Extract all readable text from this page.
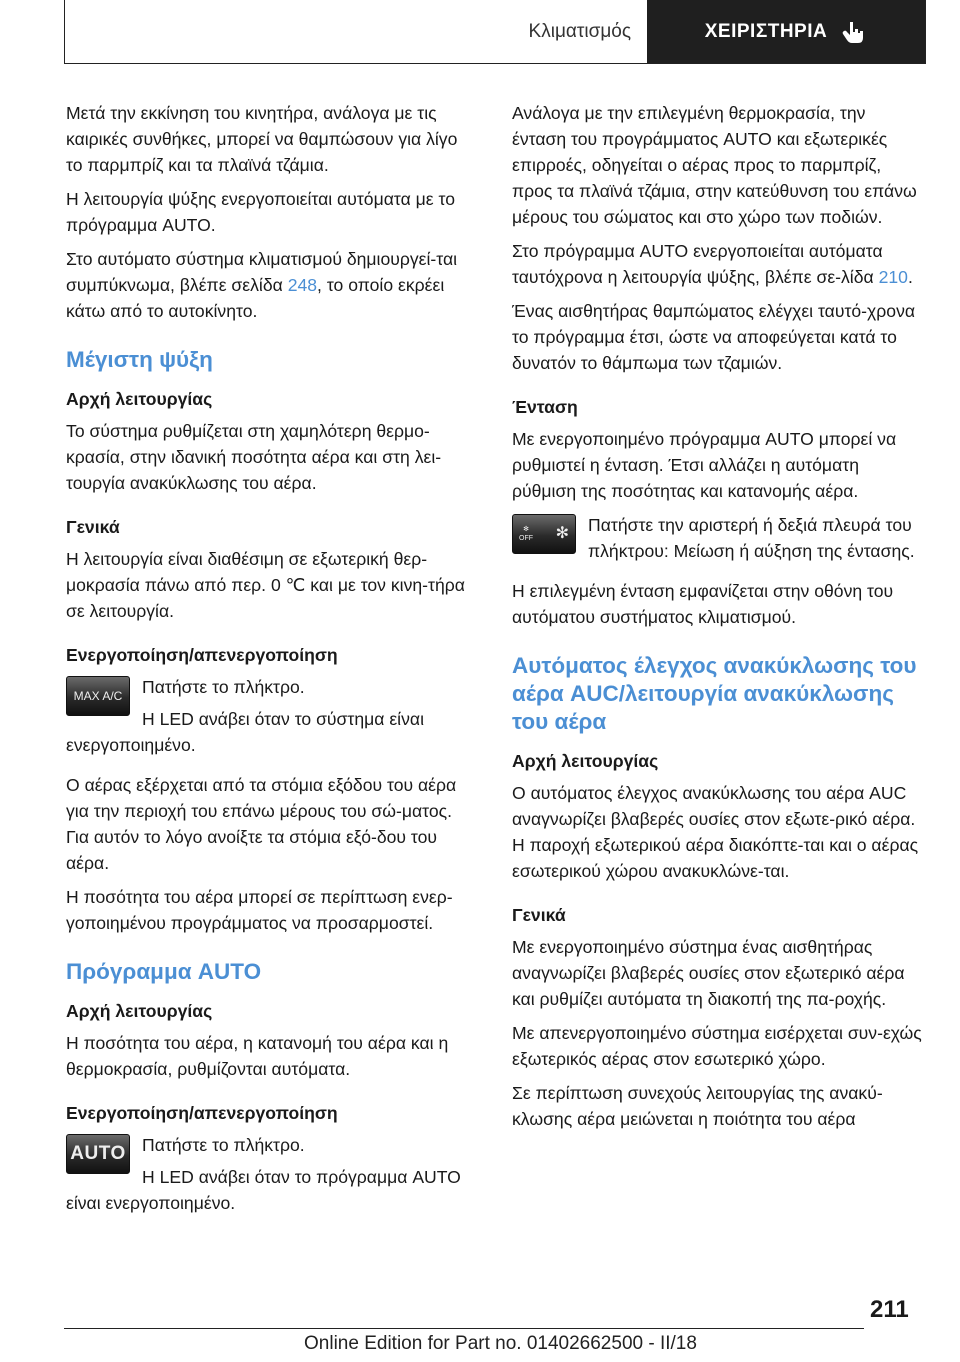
Κλιματισμός	ΧΕΙΡΙΣΤΗΡΙΑ

Μετά την εκκίνηση του κινητήρα, ανάλογα με τις καιρικές συνθήκες, μπορεί να θαμπώσουν για λίγο το παρμπρίζ και τα πλαϊνά τζάμια.

Η λειτουργία ψύξης ενεργοποιείται αυτόματα με το πρόγραμμα AUTO.

Στο αυτόματο σύστημα κλιματισμού δημιουργεί-ται συμπύκνωμα, βλέπε σελίδα 248, το οποίο εκρέει κάτω από το αυτοκίνητο.

Μέγιστη ψύξη
Αρχή λειτουργίας

Το σύστημα ρυθμίζεται στη χαμηλότερη θερμο-κρασία, στην ιδανική ποσότητα αέρα και στη λει-τουργία ανακύκλωσης του αέρα.

Γενικά

Η λειτουργία είναι διαθέσιμη σε εξωτερική θερ-μοκρασία πάνω από περ. 0 ℃ και με τον κινη-τήρα σε λειτουργία.

Ενεργοποίηση/απενεργοποίηση
MAX A/C	Πατήστε το πλήκτρο.

Η LED ανάβει όταν το σύστημα είναι ενεργοποιημένο.

Ο αέρας εξέρχεται από τα στόμια εξόδου του αέρα για την περιοχή του επάνω μέρους του σώ-ματος. Για αυτόν το λόγο ανοίξτε τα στόμια εξό-δου του αέρα.

Η ποσότητα του αέρα μπορεί σε περίπτωση ενερ-γοποιημένου προγράμματος να προσαρμοστεί.

Πρόγραμμα AUTO
Αρχή λειτουργίας

Η ποσότητα του αέρα, η κατανομή του αέρα και η θερμοκρασία, ρυθμίζονται αυτόματα.

Ενεργοποίηση/απενεργοποίηση
AUTO Πατήστε το πλήκτρο.

Η LED ανάβει όταν το πρόγραμμα AUTO είναι ενεργοποιημένο.

Ανάλογα με την επιλεγμένη θερμοκρασία, την ένταση του προγράμματος AUTO και εξωτερικές επιρροές, οδηγείται ο αέρας προς το παρμπρίζ, προς τα πλαϊνά τζάμια, στην κατεύθυνση του επάνω μέρους του σώματος και στο χώρο των ποδιών.

Στο πρόγραμμα AUTO ενεργοποιείται αυτόματα ταυτόχρονα η λειτουργία ψύξης, βλέπε σε-λίδα 210.

Ένας αισθητήρας θαμπώματος ελέγχει ταυτό-χρονα το πρόγραμμα έτσι, ώστε να αποφεύγεται κατά το δυνατόν το θάμπωμα των τζαμιών.

Ένταση

Με ενεργοποιημένο πρόγραμμα AUTO μπορεί να ρυθμιστεί η ένταση. Έτσι αλλάζει η αυτόματη ρύθμιση της ποσότητας και κατανομής αέρα.

✻
OFF ✻	Πατήστε την αριστερή ή δεξιά πλευρά του πλήκτρου: Μείωση ή αύξηση της έντασης.

Η επιλεγμένη ένταση εμφανίζεται στην οθόνη του αυτόματου συστήματος κλιματισμού.

Αυτόματος έλεγχος ανακύκλωσης του αέρα AUC/λειτουργία ανακύκλωσης του αέρα
Αρχή λειτουργίας

Ο αυτόματος έλεγχος ανακύκλωσης του αέρα AUC αναγνωρίζει βλαβερές ουσίες στον εξωτε-ρικό αέρα. Η παροχή εξωτερικού αέρα διακόπτε-ται και ο αέρας εσωτερικού χώρου ανακυκλώνε-ται.

Γενικά

Με ενεργοποιημένο σύστημα ένας αισθητήρας αναγνωρίζει βλαβερές ουσίες στον εξωτερικό αέρα και ρυθμίζει αυτόματα τη διακοπή της πα-ροχής.

Με απενεργοποιημένο σύστημα εισέρχεται συν-εχώς εξωτερικός αέρας στον εσωτερικό χώρο.

Σε περίπτωση συνεχούς λειτουργίας της ανακύ-κλωσης αέρα μειώνεται η ποιότητα του αέρα

211
Online Edition for Part no. 01402662500 - II/18
